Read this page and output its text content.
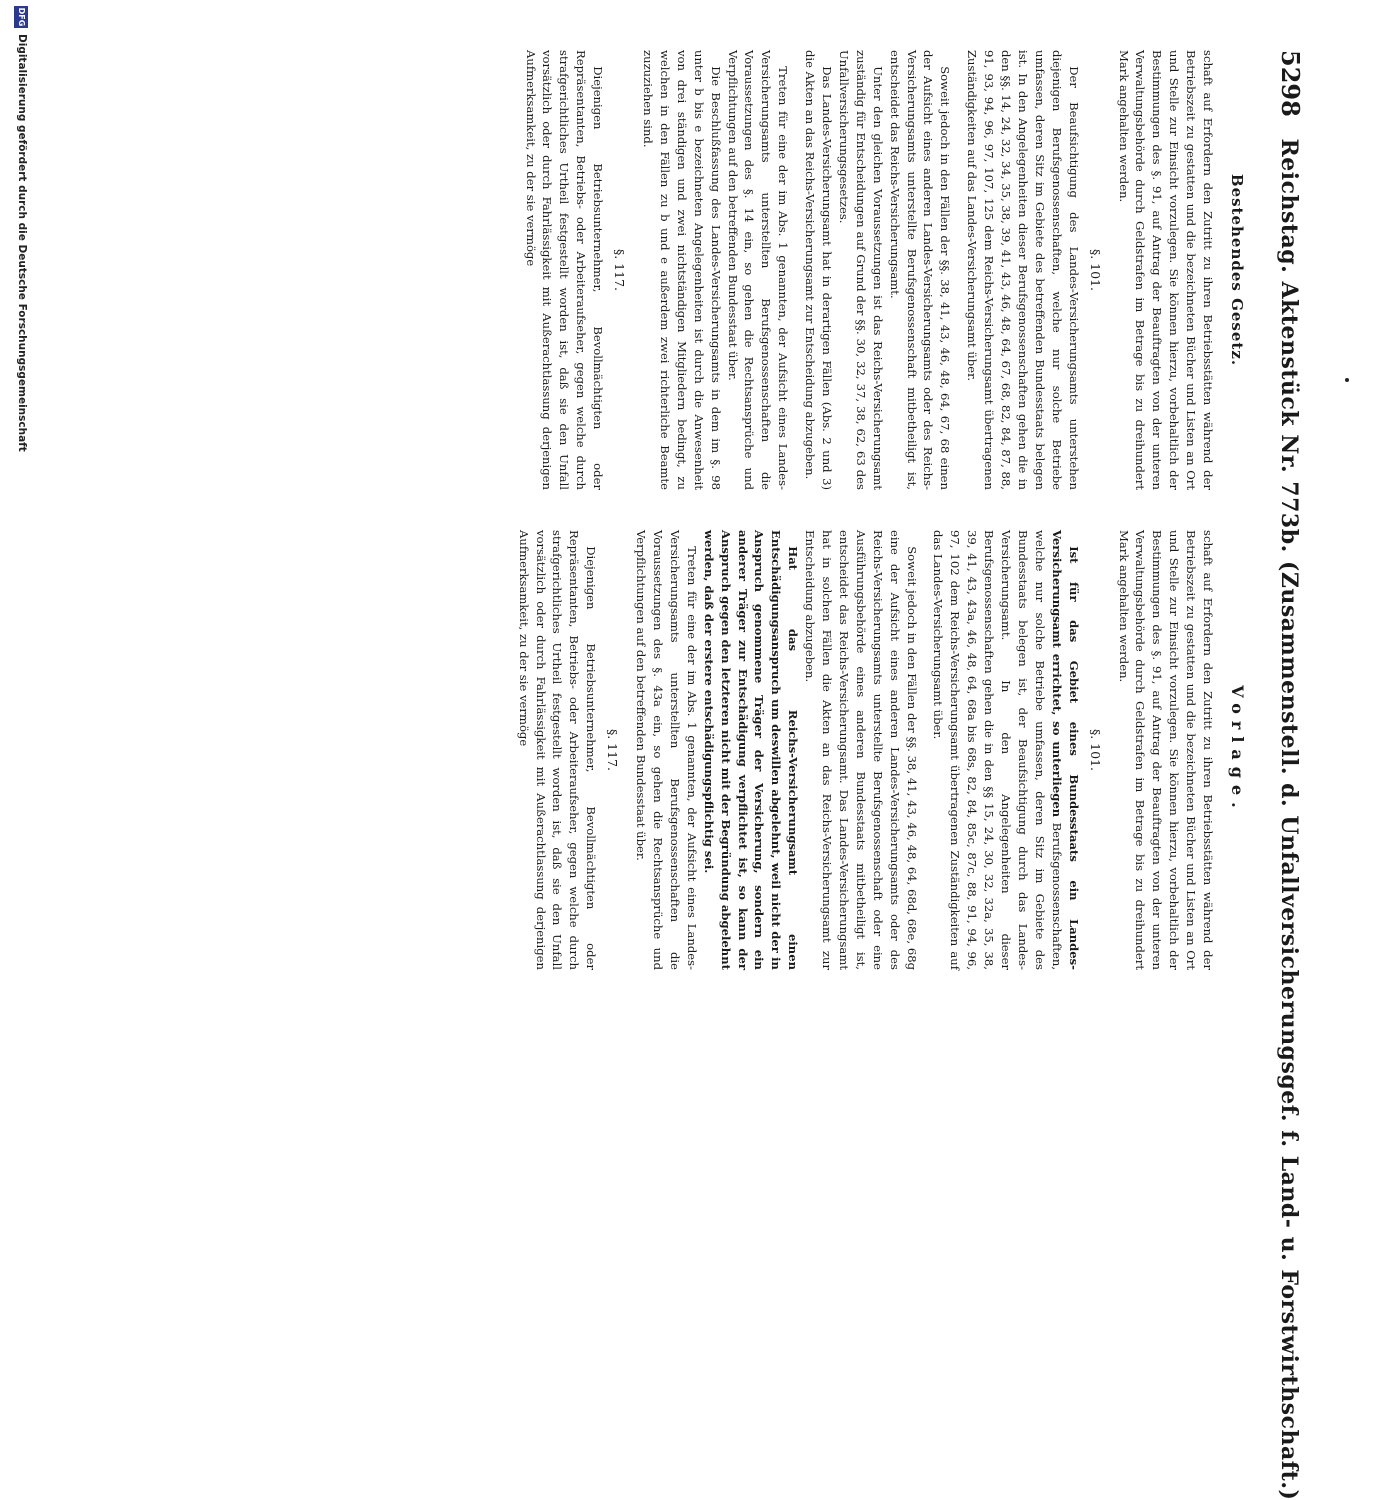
5298 Reichstag. Aktenstück Nr. 773b. (Zusammenstell. d. Unfallversicherungsgef. f. Land- u. Forstwirthschaft.)
Bestehendes Gesetz.

schaft auf Erfordern den Zutritt zu ihren Betriebsstätten während der Betriebszeit zu gestatten und die bezeichneten Bücher und Listen an Ort und Stelle zur Einsicht vorzulegen. Sie können hierzu, vorbehaltlich der Bestimmungen des §. 91, auf Antrag der Beauftragten von der unteren Verwaltungsbehörde durch Geldstrafen im Betrage bis zu dreihundert Mark angehalten werden.

§. 101.

Der Beaufsichtigung des Landes-Versicherungsamts unterstehen diejenigen Berufsgenossenschaften, welche nur solche Betriebe umfassen, deren Sitz im Gebiete des betreffenden Bundesstaats belegen ist. In den Angelegenheiten dieser Berufsgenossenschaften gehen die in den §§. 14, 24, 32, 34, 35, 38, 39, 41, 43, 46, 48, 64, 67, 68, 82, 84, 87, 88, 91, 93, 94, 96, 97, 107, 125 dem Reichs-Versicherungsamt übertragenen Zuständigkeiten auf das Landes-Versicherungsamt über.

Soweit jedoch in den Fällen der §§. 38, 41, 43, 46, 48, 64, 67, 68 einen der Aufsicht eines anderen Landes-Versicherungsamts oder des Reichs-Versicherungsamts unterstellte Berufsgenossenschaft mitbetheiligt ist, entscheidet das Reichs-Versicherungsamt.

Unter den gleichen Voraussetzungen ist das Reichs-Versicherungsamt zuständig für Entscheidungen auf Grund der §§. 30, 32, 37, 38, 62, 63 des Unfallversicherungsgesetzes.

Das Landes-Versicherungsamt hat in derartigen Fällen (Abs. 2 und 3) die Akten an das Reichs-Versicherungsamt zur Entscheidung abzugeben.

Treten für eine der im Abs. 1 genannten, der Aufsicht eines Landes-Versicherungsamts unterstellten Berufsgenossenschaften die Voraussetzungen des §. 14 ein, so gehen die Rechtsansprüche und Verpflichtungen auf den betreffenden Bundesstaat über.

Die Beschlußfassung des Landes-Versicherungsamts in dem im §. 98 unter b bis e bezeichneten Angelegenheiten ist durch die Anwesenheit von drei ständigen und zwei nichtständigen Mitgliedern bedingt, zu welchen in den Fällen zu b und e außerdem zwei richterliche Beamte zuzuziehen sind.

§. 117.

Diejenigen Betriebsunternehmer, Bevollmächtigten oder Repräsentanten, Betriebs- oder Arbeiteraufseher, gegen welche durch strafgerichtliches Urtheil festgestellt worden ist, daß sie den Unfall vorsätzlich oder durch Fahrlässigkeit mit Außerachtlassung derjenigen Aufmerksamkeit, zu der sie vermöge

Vorlage.

schaft auf Erfordern den Zutritt zu ihren Betriebsstätten während der Betriebszeit zu gestatten und die bezeichneten Bücher und Listen an Ort und Stelle zur Einsicht vorzulegen. Sie können hierzu, vorbehaltlich der Bestimmungen des §. 91, auf Antrag der Beauftragten von der unteren Verwaltungsbehörde durch Geldstrafen im Betrage bis zu dreihundert Mark angehalten werden.

§. 101.

Ist für das Gebiet eines Bundesstaats ein Landes-Versicherungsamt errichtet, so unterliegen Berufsgenossenschaften, welche nur solche Betriebe umfassen, deren Sitz im Gebiete des Bundesstaats belegen ist, der Beaufsichtigung durch das Landes-Versicherungsamt. In den Angelegenheiten dieser Berufsgenossenschaften gehen die in den §§ 15, 24, 30, 32, 32a, 35, 38, 39, 41, 43, 43a, 46, 48, 64, 68a bis 68s, 82, 84, 85c, 87c, 88, 91, 94, 96, 97, 102 dem Reichs-Versicherungsamt übertragenen Zuständigkeiten auf das Landes-Versicherungsamt über.

Soweit jedoch in den Fällen der §§. 38, 41, 43, 46, 48, 64, 68d, 68e, 68g eine der Aufsicht eines anderen Landes-Versicherungsamts oder des Reichs-Versicherungsamts unterstellte Berufsgenossenschaft oder eine Ausführungsbehörde eines anderen Bundesstaats mitbetheiligt ist, entscheidet das Reichs-Versicherungsamt. Das Landes-Versicherungsamt hat in solchen Fällen die Akten an das Reichs-Versicherungsamt zur Entscheidung abzugeben.

Hat das Reichs-Versicherungsamt einen Entschädigungsanspruch um deswillen abgelehnt, weil nicht der in Anspruch genommene Träger der Versicherung, sondern ein anderer Träger zur Entschädigung verpflichtet ist, so kann der Anspruch gegen den letzteren nicht mit der Begründung abgelehnt werden, daß der erstere entschädigungspflichtig sei.

Treten für eine der im Abs. 1 genannten, der Aufsicht eines Landes-Versicherungsamts unterstellten Berufsgenossenschaften die Voraussetzungen des §. 43a ein, so gehen die Rechtsansprüche und Verpflichtungen auf den betreffenden Bundesstaat über.

§. 117.

Diejenigen Betriebsunternehmer, Bevollmächtigten oder Repräsentanten, Betriebs- oder Arbeiteraufseher, gegen welche durch strafgerichtliches Urtheil festgestellt worden ist, daß sie den Unfall vorsätzlich oder durch Fahrlässigkeit mit Außerachtlassung derjenigen Aufmerksamkeit, zu der sie vermöge

DFG
Digitalisierung gefördert durch die Deutsche Forschungsgemeinschaft
